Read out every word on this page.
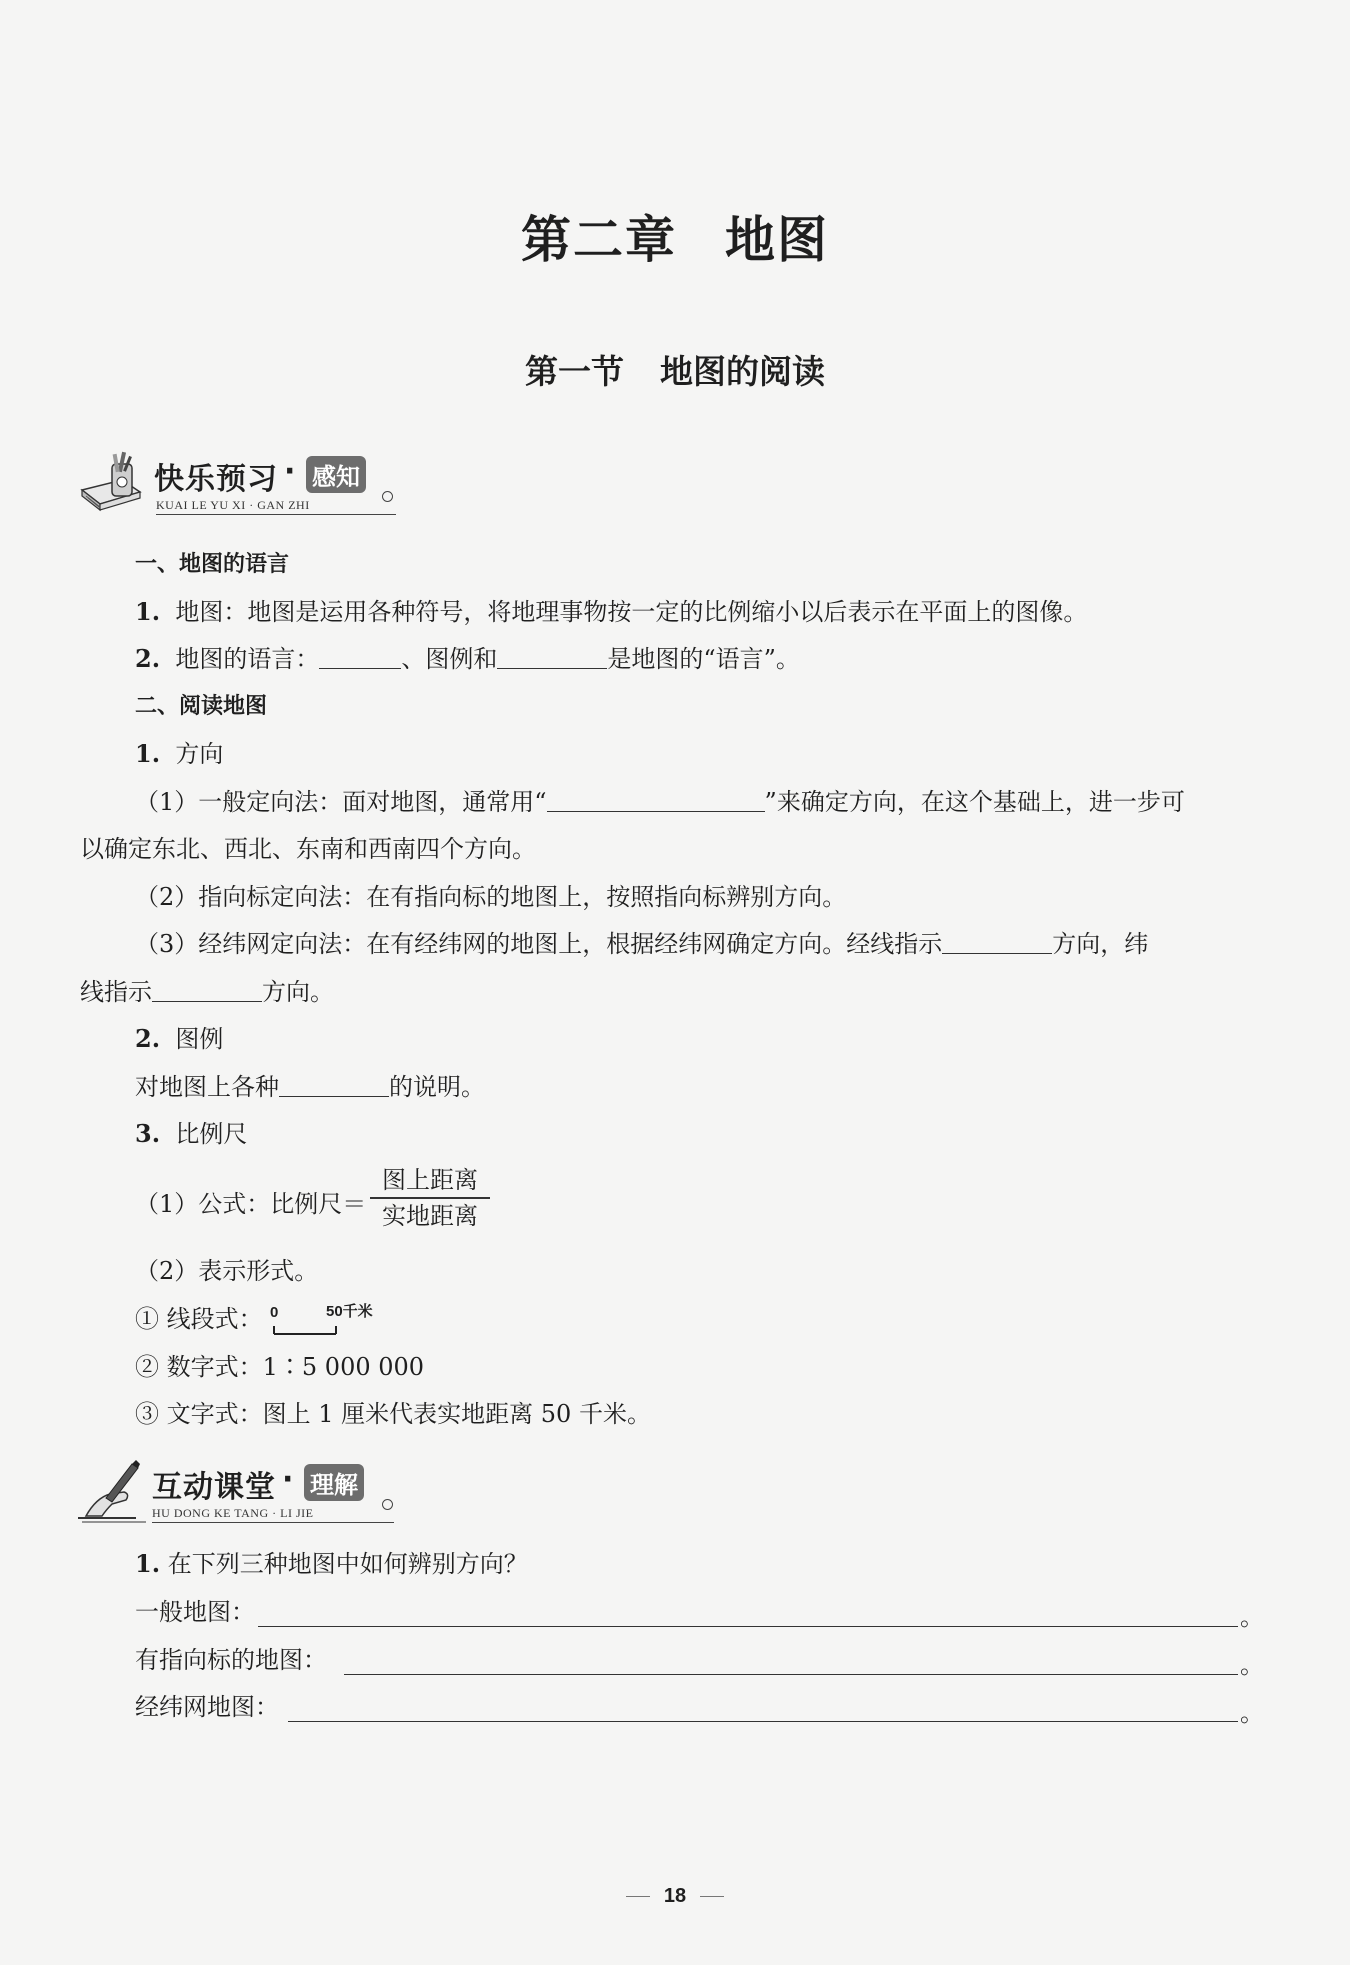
第二章 地图
第一节 地图的阅读
快乐预习 · 感知
KUAI LE YU XI · GAN ZHI
一、地图的语言
1. 地图：地图是运用各种符号，将地理事物按一定的比例缩小以后表示在平面上的图像。
2. 地图的语言：	、图例和	是地图的“语言”。
二、阅读地图
1. 方向
（1）一般定向法：面对地图，通常用“	”来确定方向，在这个基础上，进一步可
以确定东北、西北、东南和西南四个方向。
（2）指向标定向法：在有指向标的地图上，按照指向标辨别方向。
（3）经纬网定向法：在有经纬网的地图上，根据经纬网确定方向。经线指示	方向，纬
线指示	方向。
2. 图例
对地图上各种	的说明。
3. 比例尺
（1）公式：比例尺＝
图上距离
实地距离
（2）表示形式。
① 线段式： 0	50千米
② 数字式：1∶5 000 000
③ 文字式：图上 1 厘米代表实地距离 50 千米。
互动课堂 · 理解
HU DONG KE TANG · LI JIE
1. 在下列三种地图中如何辨别方向？
一般地图：	。
有指向标的地图：	。
经纬网地图：	。
18
